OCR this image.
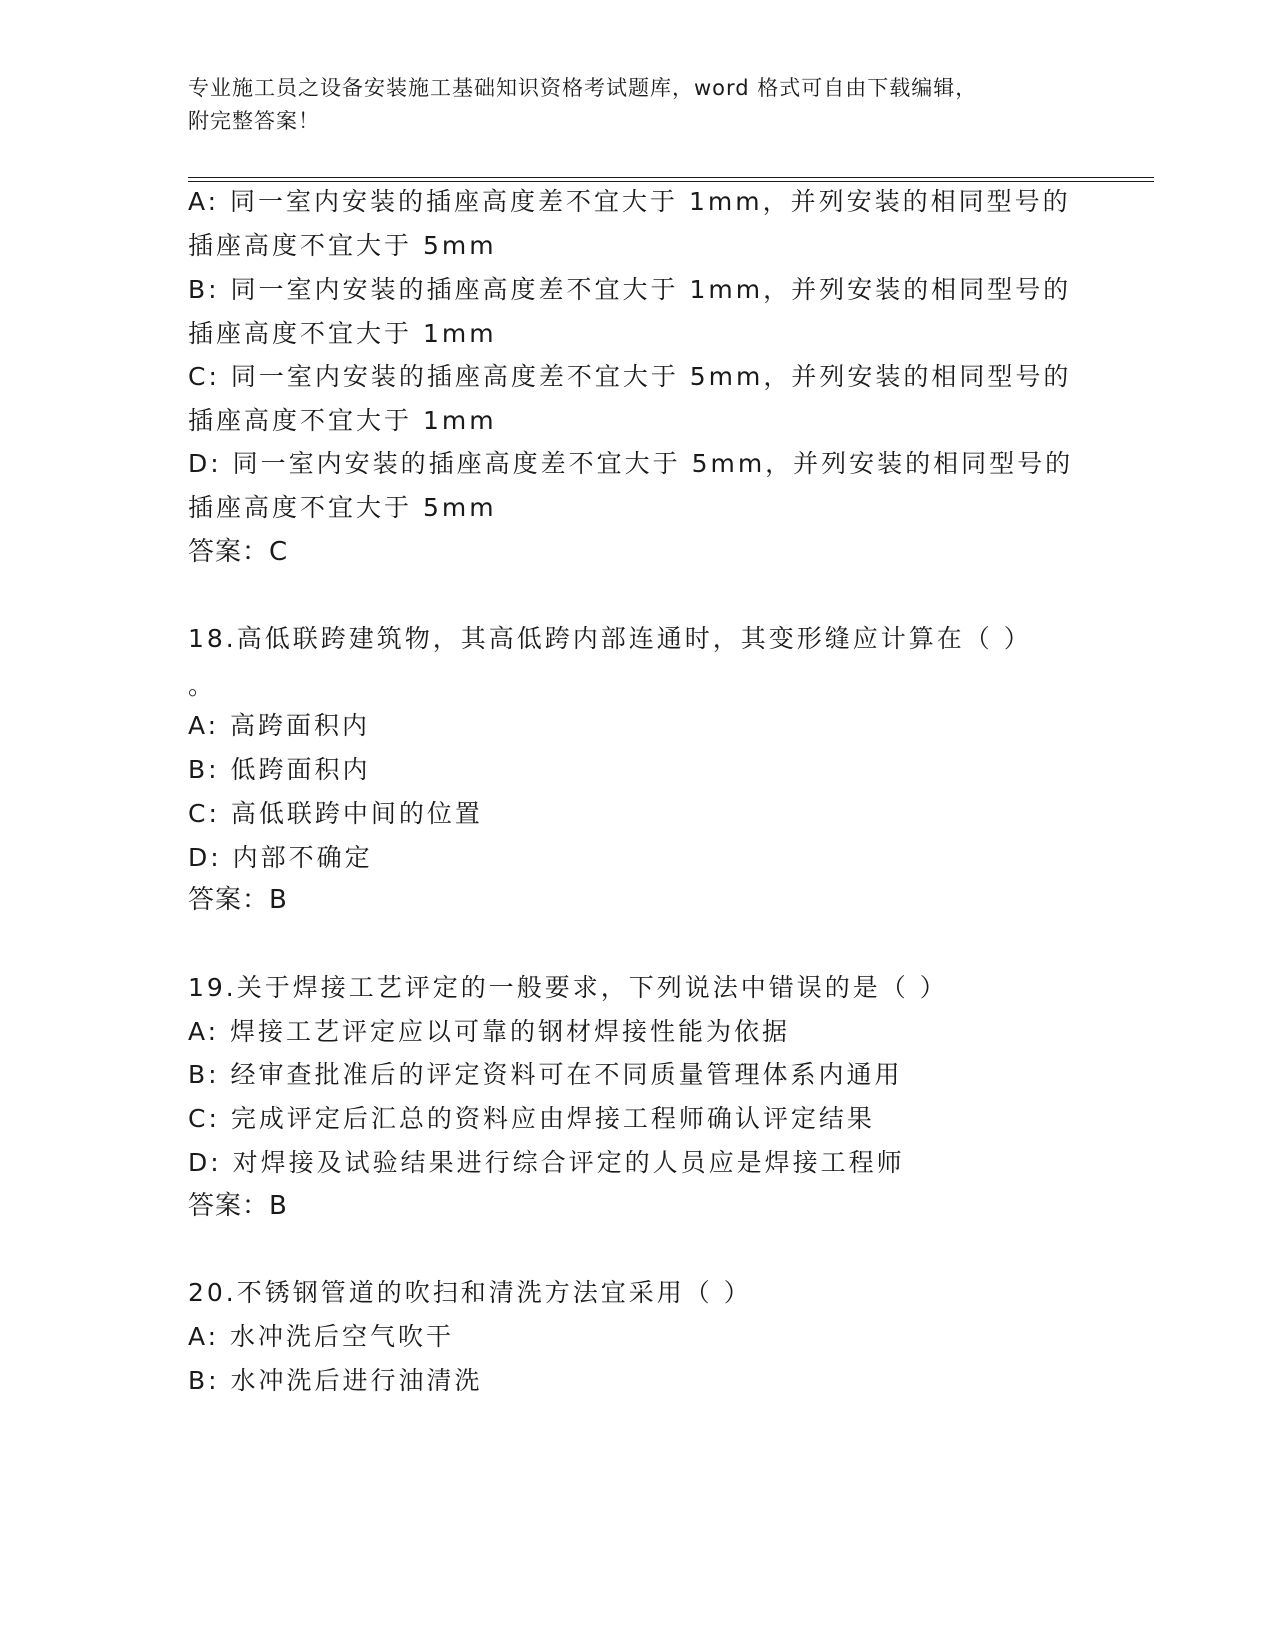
专业施工员之设备安装施工基础知识资格考试题库，word 格式可自由下载编辑，
附完整答案！
A: 同一室内安装的插座高度差不宜大于 1mm，并列安装的相同型号的
插座高度不宜大于 5mm
B: 同一室内安装的插座高度差不宜大于 1mm，并列安装的相同型号的
插座高度不宜大于 1mm
C: 同一室内安装的插座高度差不宜大于 5mm，并列安装的相同型号的
插座高度不宜大于 1mm
D: 同一室内安装的插座高度差不宜大于 5mm，并列安装的相同型号的
插座高度不宜大于 5mm
答案：C
18.高低联跨建筑物，其高低跨内部连通时，其变形缝应计算在（ ）
。
A: 高跨面积内
B: 低跨面积内
C: 高低联跨中间的位置
D: 内部不确定
答案：B
19.关于焊接工艺评定的一般要求，下列说法中错误的是（ ）
A: 焊接工艺评定应以可靠的钢材焊接性能为依据
B: 经审查批准后的评定资料可在不同质量管理体系内通用
C: 完成评定后汇总的资料应由焊接工程师确认评定结果
D: 对焊接及试验结果进行综合评定的人员应是焊接工程师
答案：B
20.不锈钢管道的吹扫和清洗方法宜采用（ ）
A: 水冲洗后空气吹干
B: 水冲洗后进行油清洗
